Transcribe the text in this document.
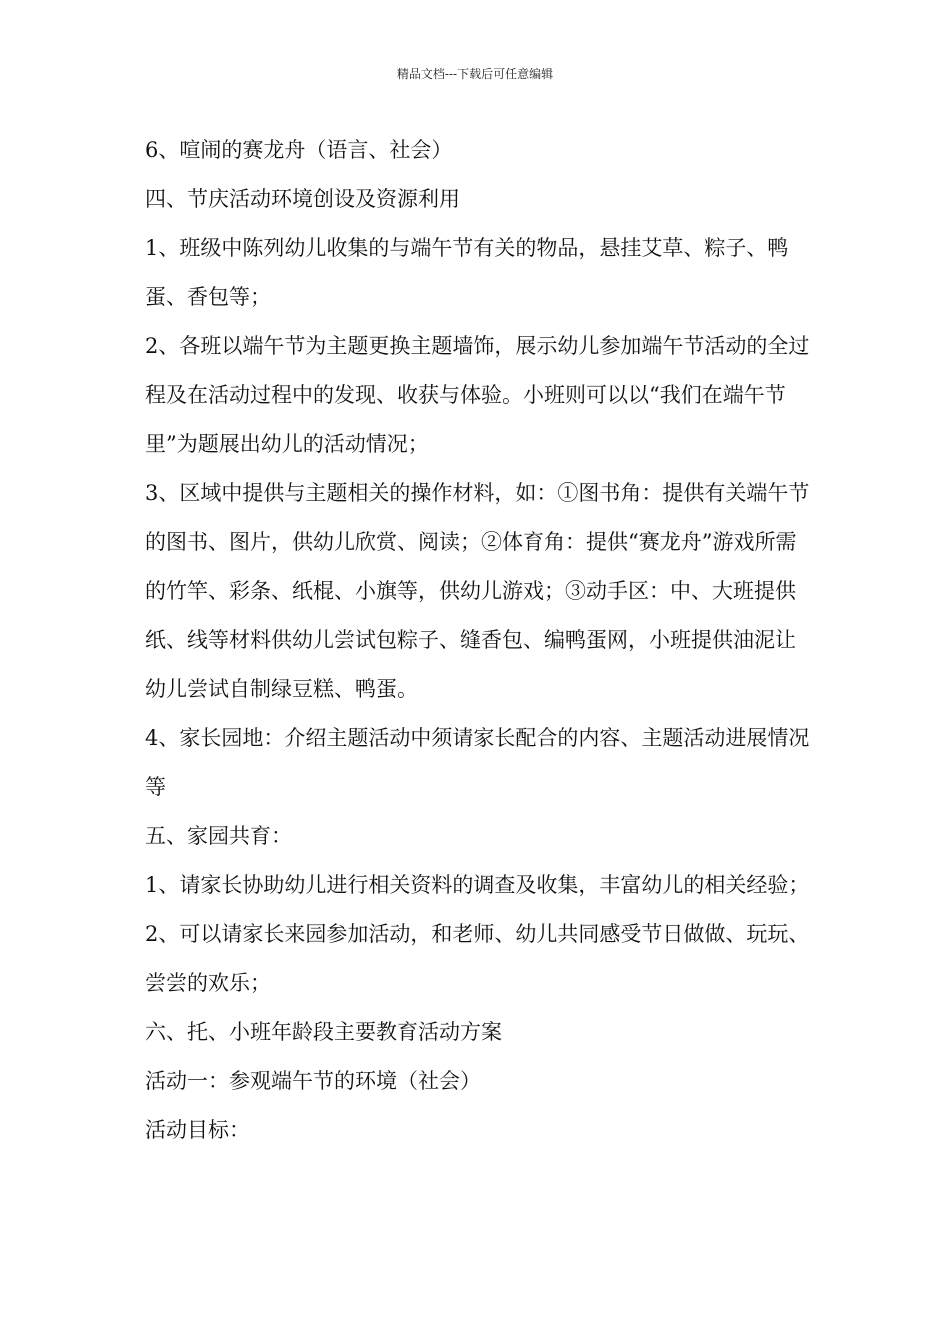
精品文档---下载后可任意编辑

6、喧闹的赛龙舟（语言、社会）

四、节庆活动环境创设及资源利用

1、班级中陈列幼儿收集的与端午节有关的物品，悬挂艾草、粽子、鸭蛋、香包等；

2、各班以端午节为主题更换主题墙饰，展示幼儿参加端午节活动的全过程及在活动过程中的发现、收获与体验。小班则可以以“我们在端午节里”为题展出幼儿的活动情况；

3、区域中提供与主题相关的操作材料，如：①图书角：提供有关端午节的图书、图片，供幼儿欣赏、阅读；②体育角：提供“赛龙舟”游戏所需的竹竿、彩条、纸棍、小旗等，供幼儿游戏；③动手区：中、大班提供纸、线等材料供幼儿尝试包粽子、缝香包、编鸭蛋网，小班提供油泥让幼儿尝试自制绿豆糕、鸭蛋。

4、家长园地：介绍主题活动中须请家长配合的内容、主题活动进展情况等

五、家园共育：

1、请家长协助幼儿进行相关资料的调查及收集，丰富幼儿的相关经验；

2、可以请家长来园参加活动，和老师、幼儿共同感受节日做做、玩玩、尝尝的欢乐；

六、托、小班年龄段主要教育活动方案

活动一：参观端午节的环境（社会）

活动目标：
